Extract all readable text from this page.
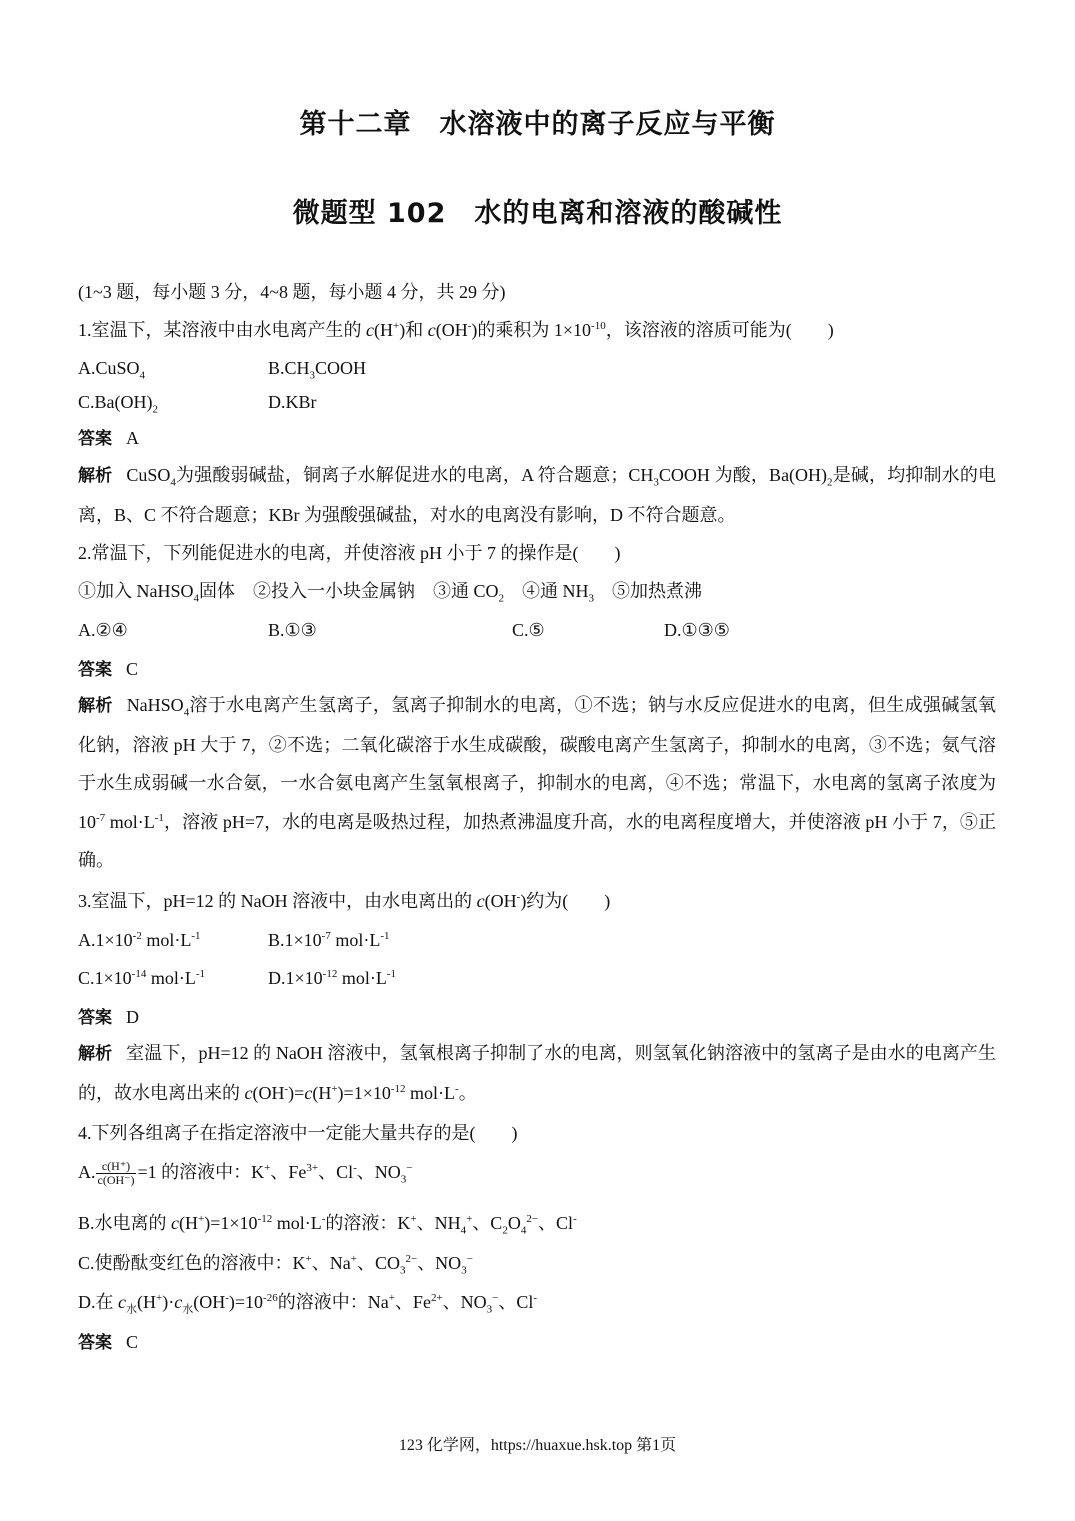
第十二章　水溶液中的离子反应与平衡
微题型 102　水的电离和溶液的酸碱性
(1~3 题，每小题 3 分，4~8 题，每小题 4 分，共 29 分)
1.室温下，某溶液中由水电离产生的 c(H+)和 c(OH-)的乘积为 $1\times 10^{-10}$，该溶液的溶质可能为(　　)
A.CuSO$_4$	$B.CH_3COOH$
$C.Ba(OH)_2$	D.KBr
答案 A
解析 CuSO$_4$为强酸弱碱盐，铜离子水解促进水的电离，A 符合题意；$CH_3COOH$ 为酸，$Ba(OH)_2$是碱，均抑制水的电离，B、C 不符合题意；KBr 为强酸强碱盐，对水的电离没有影响，D 不符合题意。
2.常温下，下列能促进水的电离，并使溶液 pH 小于 7 的操作是(　　)
①加入 NaHSO$_4$固体　②投入一小块金属钠　③通 $CO_2$　④通 $NH_3$　⑤加热煮沸
A.②④	B.①③	C.⑤	D.①③⑤
答案 C
解析 NaHSO$_4$溶于水电离产生氢离子，氢离子抑制水的电离，①不选；钠与水反应促进水的电离，但生成强碱氢氧化钠，溶液 pH 大于 7，②不选；二氧化碳溶于水生成碳酸，碳酸电离产生氢离子，抑制水的电离，③不选；氨气溶于水生成弱碱一水合氨，一水合氨电离产生氢氧根离子，抑制水的电离，④不选；常温下，水电离的氢离子浓度为 $10^{-7}$ $mol\cdot L^{-1}$，溶液 pH=7，水的电离是吸热过程，加热煮沸温度升高，水的电离程度增大，并使溶液 pH 小于 7，⑤正确。
3.室温下，pH=12 的 NaOH 溶液中，由水电离出的 c(OH-)约为(　　)
$A.1\times 10^{-2}$ $mol\cdot L^{-1}$	$B.1\times 10^{-7}$ $mol\cdot L^{-1}$
$C.1\times 10^{-14}$ $mol\cdot L^{-1}$	$D.1\times 10^{-12}$ $mol\cdot L^{-1}$
答案 D
解析 室温下，pH=12 的 NaOH 溶液中，氢氧根离子抑制了水的电离，则氢氧化钠溶液中的氢离子是由水的电离产生的，故水电离出来的 $c(OH^-)=c(H^+)=1\times 10^{-12}$ mol·L-。
4.下列各组离子在指定溶液中一定能大量共存的是(　　)
A. $\frac{c(H^+)}{c(OH^-)} =1$ 的溶液中：K+、$Fe^{3+}$、Cl-、$NO_3^-$
B.水电离的 $c(H^+)=1\times 10^{-12}$ mol·L-的溶液：K+、$NH_4^+$、$C_2O_4^{2-}$、Cl-
C.使酚酞变红色的溶液中：K+、Na+、$CO_3^{2-}$、$NO_3^-$
D.在 $c_水(H^+)\cdot c_水(OH^-)=10^{-26}$的溶液中：Na+、$Fe^{2+}$、$NO_3^-$、Cl-
答案 C
123 化学网，https://huaxue.hsk.top 第1页
